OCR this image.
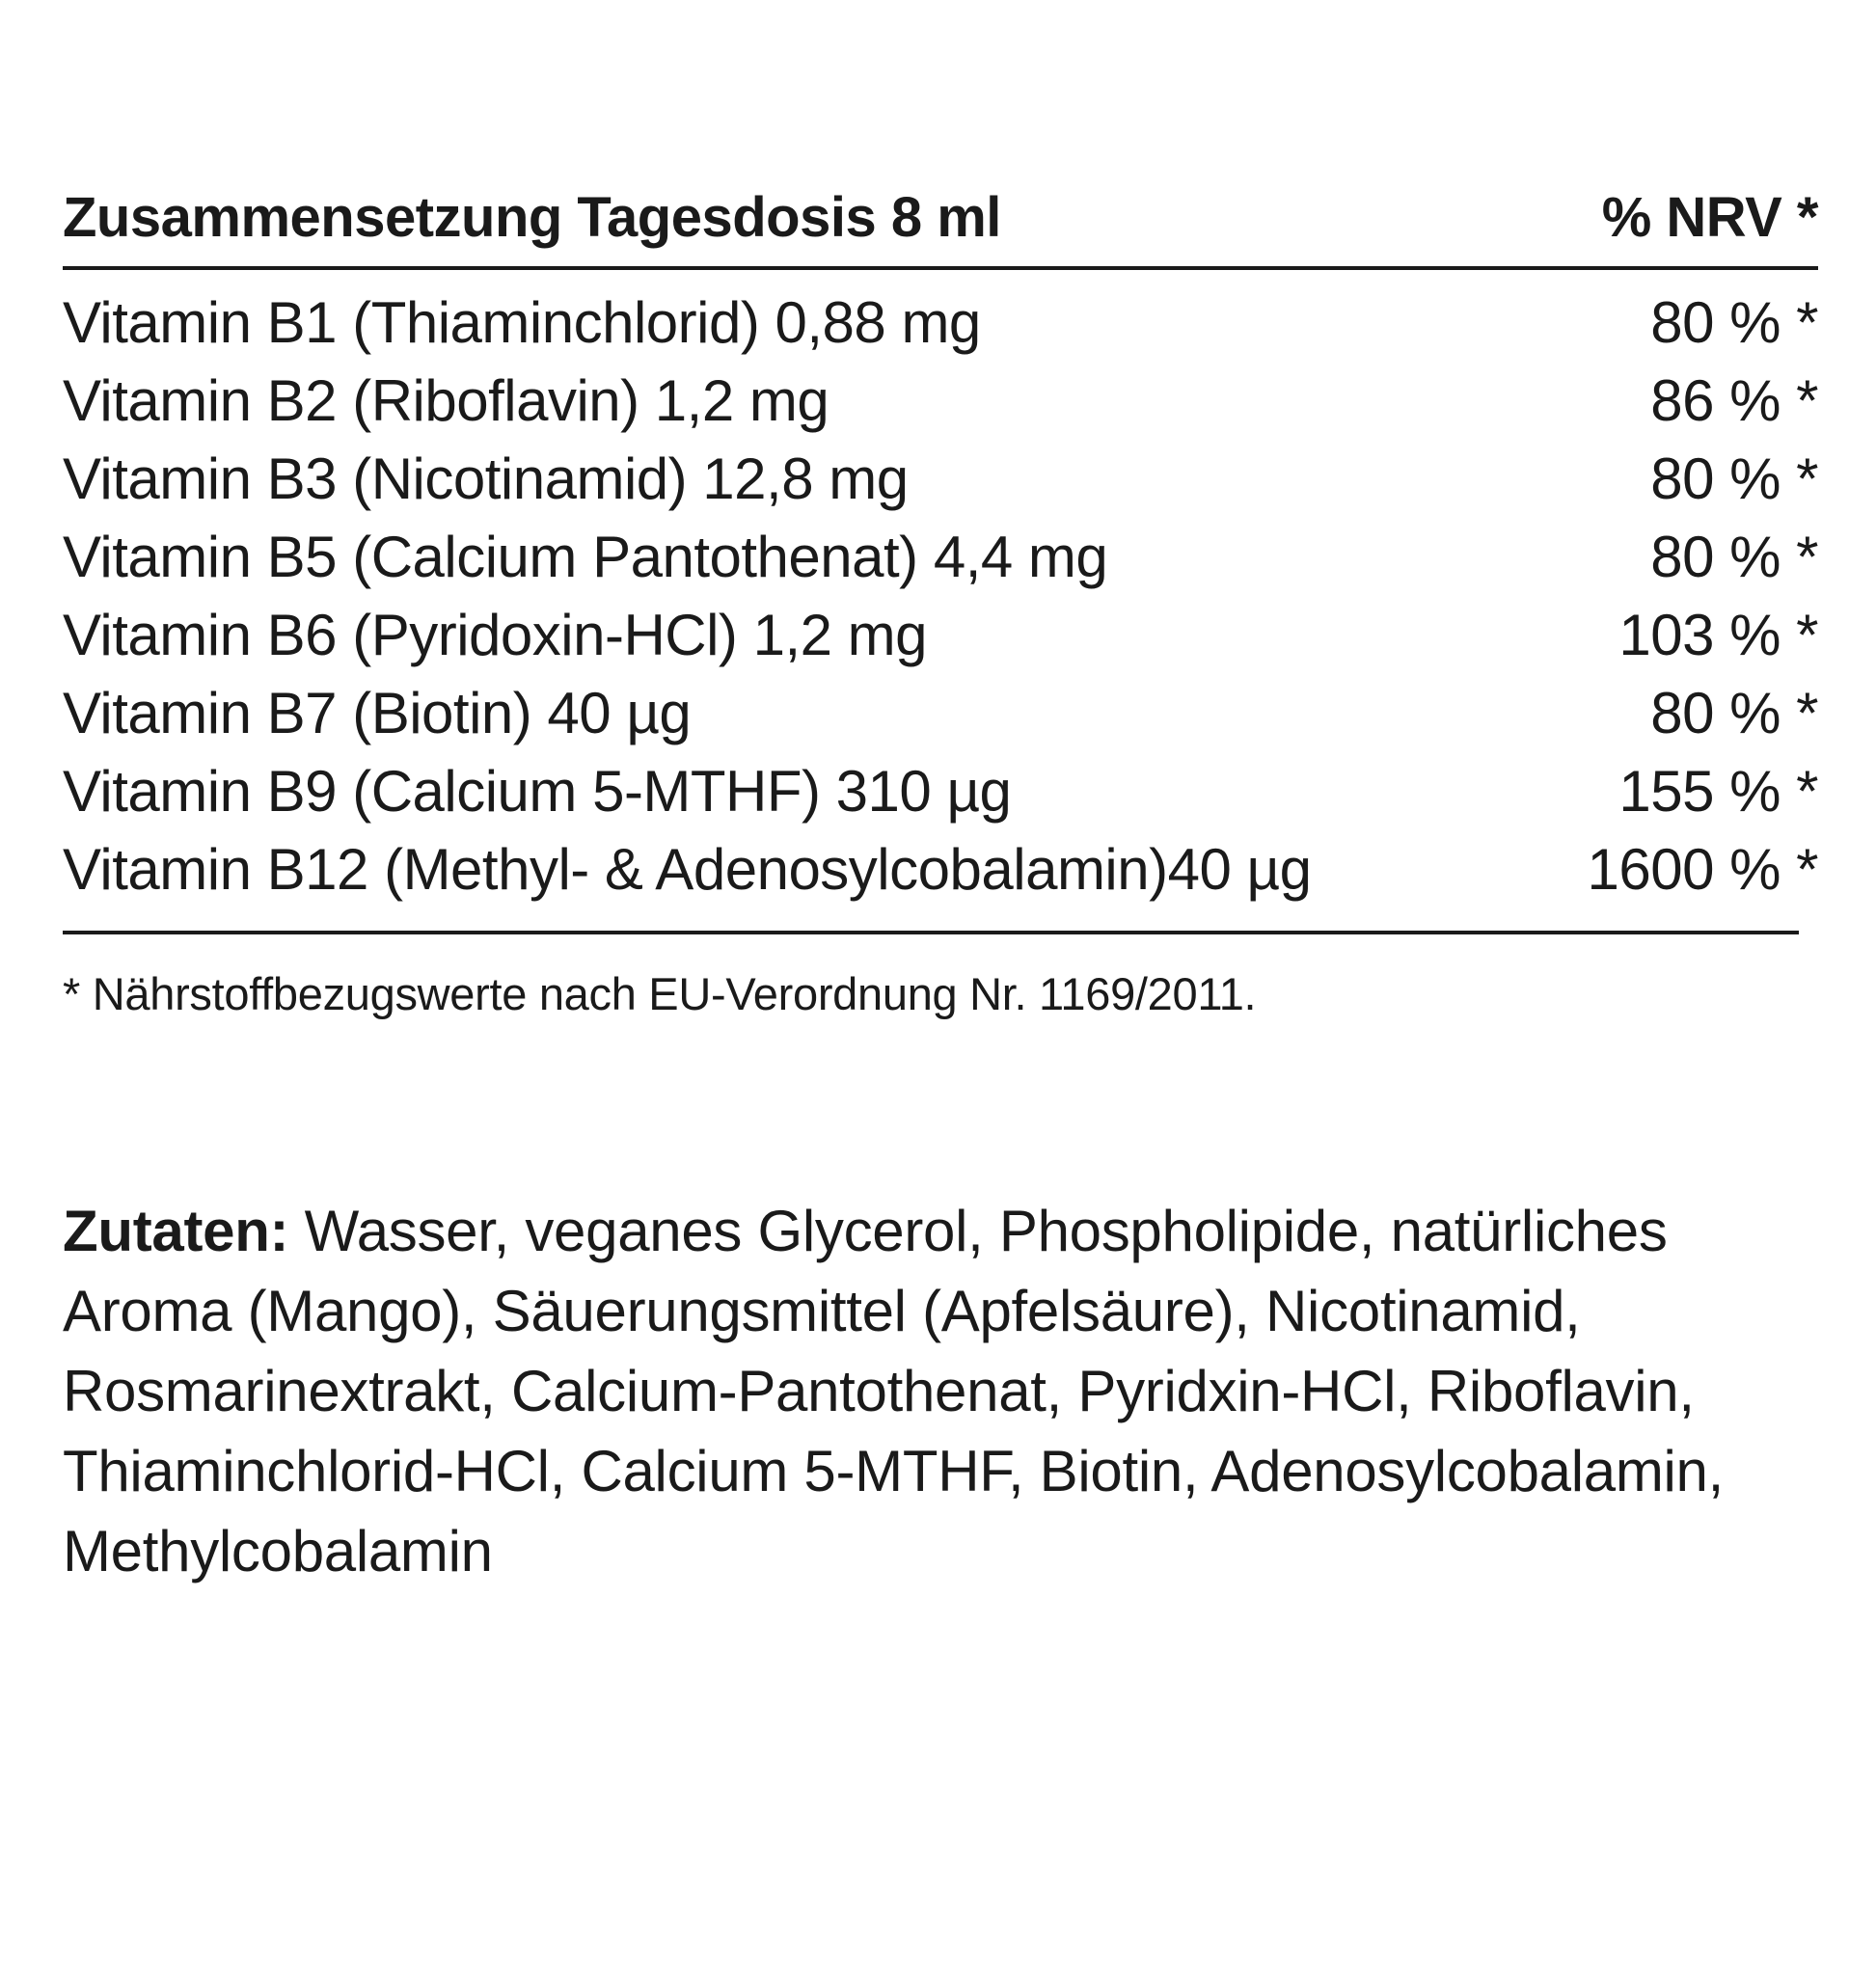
Zusammensetzung Tagesdosis 8 ml	% NRV *
Vitamin B1 (Thiaminchlorid) 0,88 mg	80 % *
Vitamin B2 (Riboflavin) 1,2 mg	86 % *
Vitamin B3 (Nicotinamid) 12,8 mg	80 % *
Vitamin B5 (Calcium Pantothenat) 4,4 mg	80 % *
Vitamin B6 (Pyridoxin-HCl) 1,2 mg	103 % *
Vitamin B7 (Biotin) 40 µg	80 % *
Vitamin B9 (Calcium 5-MTHF) 310 µg	155 % *
Vitamin B12 (Methyl- & Adenosylcobalamin)40 µg	1600 % *
* Nährstoffbezugswerte nach EU-Verordnung Nr. 1169/2011.
Zutaten: Wasser, veganes Glycerol, Phospholipide, natürliches Aroma (Mango), Säuerungsmittel (Apfelsäure), Nicotinamid, Rosmarinextrakt, Calcium-Pantothenat, Pyridxin-HCl, Riboflavin, Thiaminchlorid-HCl, Calcium 5-MTHF, Biotin, Adenosylcobalamin, Methylcobalamin
